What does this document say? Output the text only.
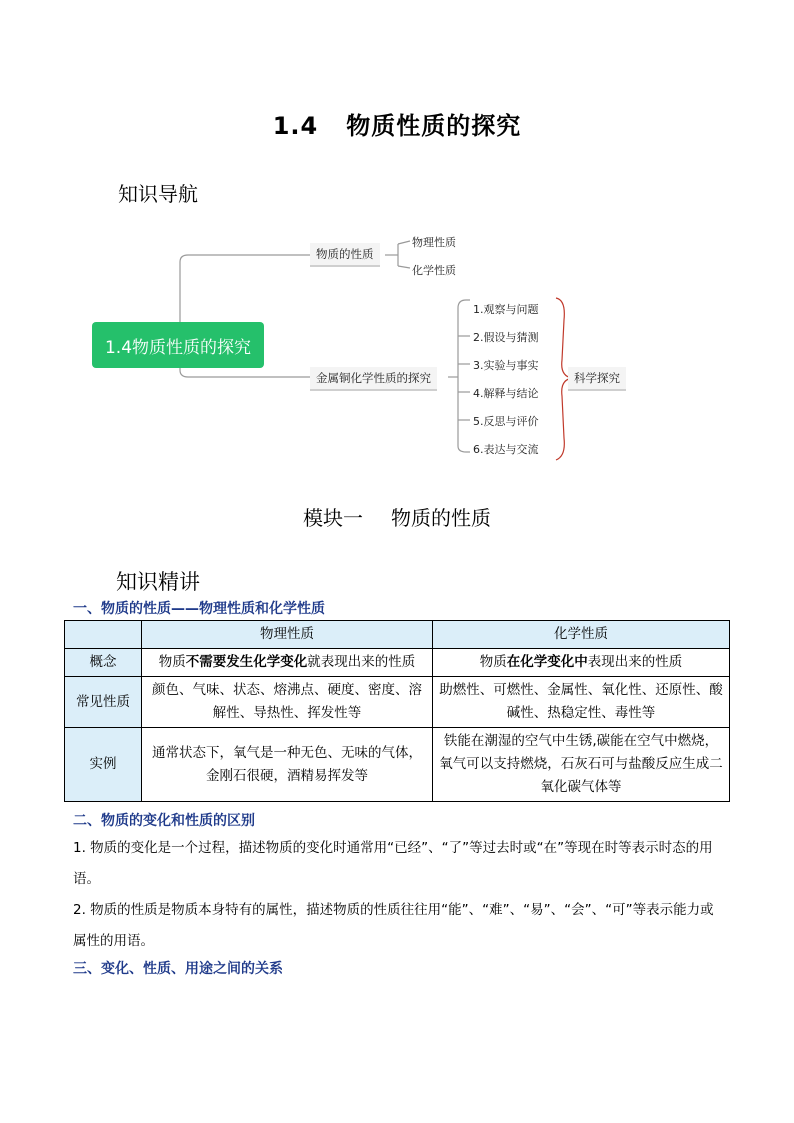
1.4 物质性质的探究
知识导航
1.4物质性质的探究
物质的性质
物理性质
化学性质
金属铜化学性质的探究
1.观察与问题
2.假设与猜测
3.实验与事实
4.解释与结论
5.反思与评价
6.表达与交流
科学探究
模块一 物质的性质
知识精讲
一、物质的性质——物理性质和化学性质
	物理性质	化学性质
概念	物质不需要发生化学变化就表现出来的性质	物质在化学变化中表现出来的性质
常见性质	颜色、气味、状态、熔沸点、硬度、密度、溶解性、导热性、挥发性等	助燃性、可燃性、金属性、氧化性、还原性、酸碱性、热稳定性、毒性等
实例	通常状态下，氧气是一种无色、无味的气体，金刚石很硬，酒精易挥发等	铁能在潮湿的空气中生锈,碳能在空气中燃烧，氧气可以支持燃烧，石灰石可与盐酸反应生成二氧化碳气体等
二、物质的变化和性质的区别
1. 物质的变化是一个过程，描述物质的变化时通常用“已经”、“了”等过去时或“在”等现在时等表示时态的用语。
2. 物质的性质是物质本身特有的属性，描述物质的性质往往用“能”、“难”、“易”、“会”、“可”等表示能力或属性的用语。
三、变化、性质、用途之间的关系
